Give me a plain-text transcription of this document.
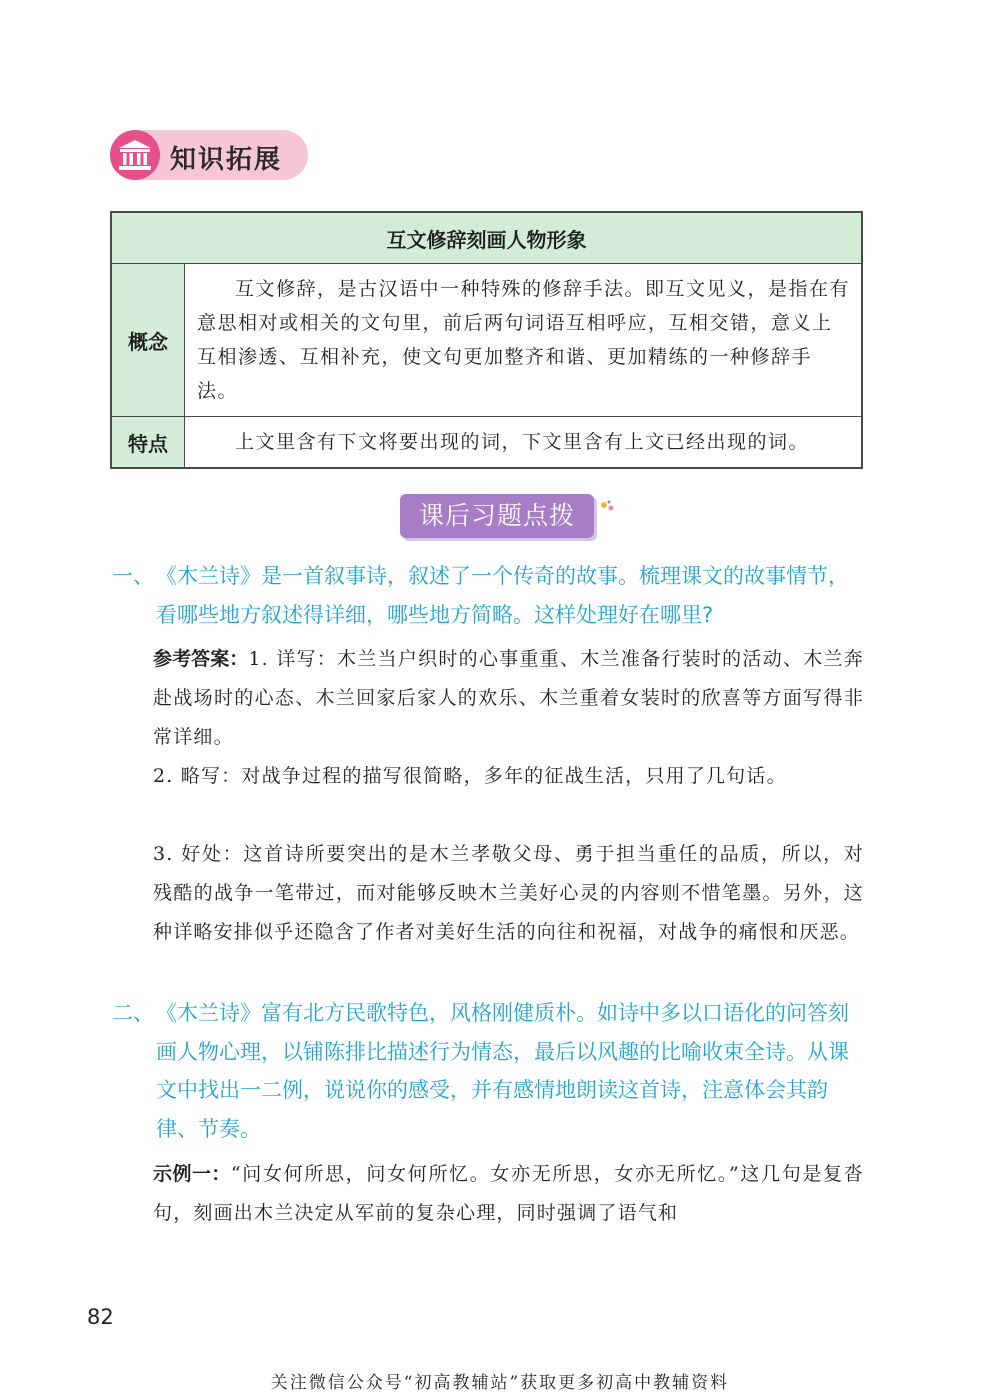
知识拓展
互文修辞刻画人物形象	
概念	互文修辞，是古汉语中一种特殊的修辞手法。即互文见义，是指在有意思相对或相关的文句里，前后两句词语互相呼应，互相交错，意义上互相渗透、互相补充，使文句更加整齐和谐、更加精练的一种修辞手法。
特点	上文里含有下文将要出现的词，下文里含有上文已经出现的词。
课后习题点拨
一、 《木兰诗》是一首叙事诗，叙述了一个传奇的故事。梳理课文的故事情节，看哪些地方叙述得详细，哪些地方简略。这样处理好在哪里?
参考答案：1. 详写：木兰当户织时的心事重重、木兰准备行装时的活动、木兰奔赴战场时的心态、木兰回家后家人的欢乐、木兰重着女装时的欣喜等方面写得非常详细。
2. 略写：对战争过程的描写很简略，多年的征战生活，只用了几句话。
3. 好处：这首诗所要突出的是木兰孝敬父母、勇于担当重任的品质，所以，对残酷的战争一笔带过，而对能够反映木兰美好心灵的内容则不惜笔墨。另外，这种详略安排似乎还隐含了作者对美好生活的向往和祝福，对战争的痛恨和厌恶。
二、 《木兰诗》富有北方民歌特色，风格刚健质朴。如诗中多以口语化的问答刻画人物心理，以铺陈排比描述行为情态，最后以风趣的比喻收束全诗。从课文中找出一二例，说说你的感受，并有感情地朗读这首诗，注意体会其韵律、节奏。
示例一：“问女何所思，问女何所忆。女亦无所思，女亦无所忆。”这几句是复沓句，刻画出木兰决定从军前的复杂心理，同时强调了语气和
82
关注微信公众号“初高教辅站”获取更多初高中教辅资料
